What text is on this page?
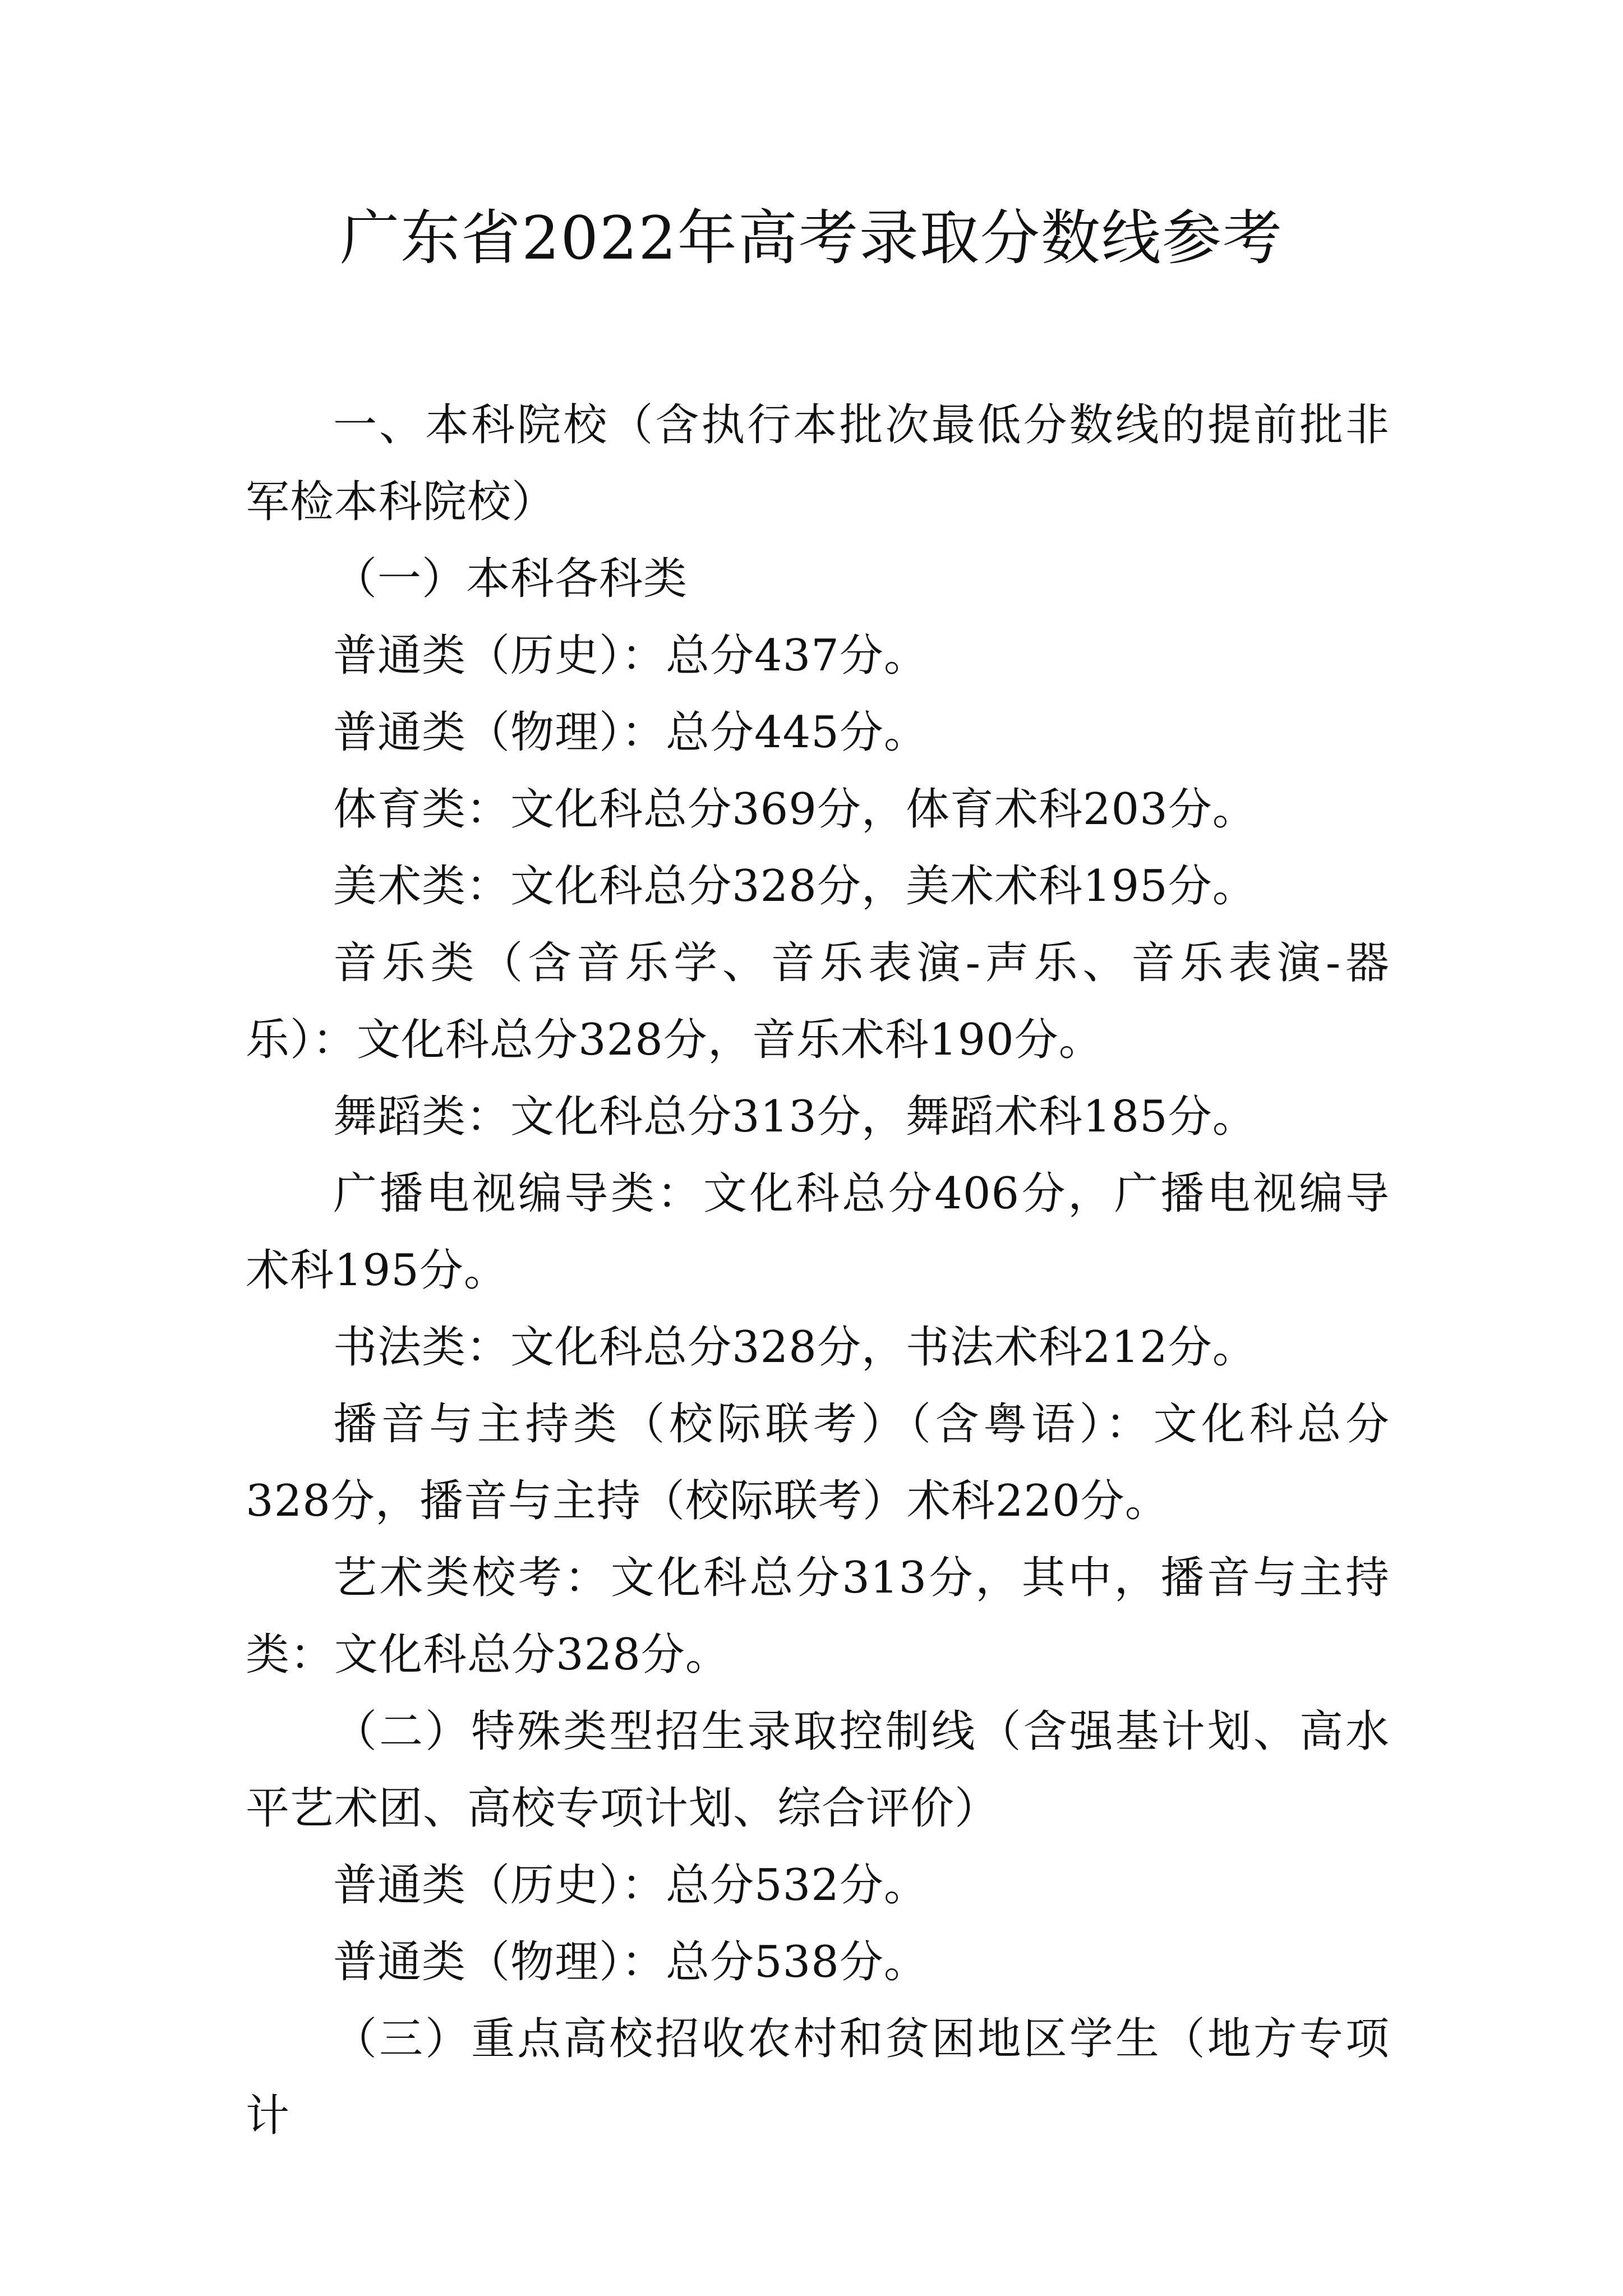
广东省2022年高考录取分数线参考

一、本科院校（含执行本批次最低分数线的提前批非军检本科院校）

（一）本科各科类

普通类（历史）：总分437分。

普通类（物理）：总分445分。

体育类：文化科总分369分，体育术科203分。

美术类：文化科总分328分，美术术科195分。

音乐类（含音乐学、音乐表演-声乐、音乐表演-器乐）：文化科总分328分，音乐术科190分。

舞蹈类：文化科总分313分，舞蹈术科185分。

广播电视编导类：文化科总分406分，广播电视编导术科195分。

书法类：文化科总分328分，书法术科212分。

播音与主持类（校际联考）（含粤语）：文化科总分328分，播音与主持（校际联考）术科220分。

艺术类校考：文化科总分313分，其中，播音与主持类：文化科总分328分。

（二）特殊类型招生录取控制线（含强基计划、高水平艺术团、高校专项计划、综合评价）

普通类（历史）：总分532分。

普通类（物理）：总分538分。

（三）重点高校招收农村和贫困地区学生（地方专项计
